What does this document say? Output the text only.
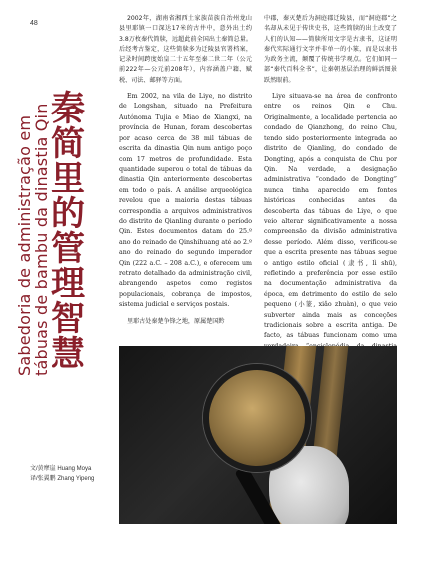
48
Sabedoria de administração em
tábuas de bambu da dinastia Qin 秦
简
里
的
管
理
智
慧

2002年，湖南省湘西土家族苗族自治州龙山县里耶镇一口深达17米的古井中，意外出土约3.8万枚秦代简牍，远超此前全国出土秦简总量。后经考古鉴定，这些简牍多为迁陵县官署档案，记录时间跨度始皇二十五年至秦二世二年（公元前222年—公元前208年），内容涵盖户籍、赋税、司法、邮驿等方面。

Em 2002, na vila de Liye, no distrito de Longshan, situado na Prefeitura Autónoma Tujia e Miao de Xiangxi, na província de Hunan, foram descobertas por acaso cerca de 38 mil tábuas de escrita da dinastia Qin num antigo poço com 17 metros de profundidade. Esta quantidade superou o total de tábuas da dinastia Qin anteriormente descobertas em todo o país. A análise arqueológica revelou que a maioria destas tábuas correspondia a arquivos administrativos do distrito de Qianling durante o período Qin. Estes documentos datam do 25.º ano do reinado de Qinshihuang até ao 2.º ano do reinado do segundo imperador Qin (222 a.C. – 208 a.C.), e oferecem um retrato detalhado da administração civil, abrangendo aspetos como registos populacionais, cobrança de impostos, sistema judicial e serviços postais.

里耶古处秦楚争锋之地，原属楚国黔

中郡，秦灭楚后为洞庭郡迁陵县，而“洞庭郡”之名却从未见于传世史书，这些简牍的出土改变了人们的认知——简牍所用文字是古隶书，这证明秦代实际通行文字并非单一的小篆，而是以隶书为政务主流，颠覆了传统书学观点。它们如同一部“秦代百科全书”，让秦朝基层治理的鲜活图景跃然眼前。

Liye situava-se na área de confronto entre os reinos Qin e Chu. Originalmente, a localidade pertencia ao condado de Qianzhong, do reino Chu, tendo sido posteriormente integrada ao distrito de Qianling, do condado de Dongting, após a conquista de Chu por Qin. Na verdade, a designação administrativa “condado de Dongting” nunca tinha aparecido em fontes históricas conhecidas antes da descoberta das tábuas de Liye, o que veio alterar significativamente a nossa compreensão da divisão administrativa desse período. Além disso, verificou-se que a escrita presente nas tábuas segue o antigo estilo oficial (隶书, lì shū), refletindo a preferência por esse estilo na documentação administrativa da época, em detrimento do estilo de selo pequeno (小篆, xiǎo zhuàn), o que veio subverter ainda mais as conceções tradicionais sobre a escrita antiga. De facto, as tábuas funcionam como uma

文/黄摩崖 Huang Moya
译/张翼鹏 Zhang Yipeng
